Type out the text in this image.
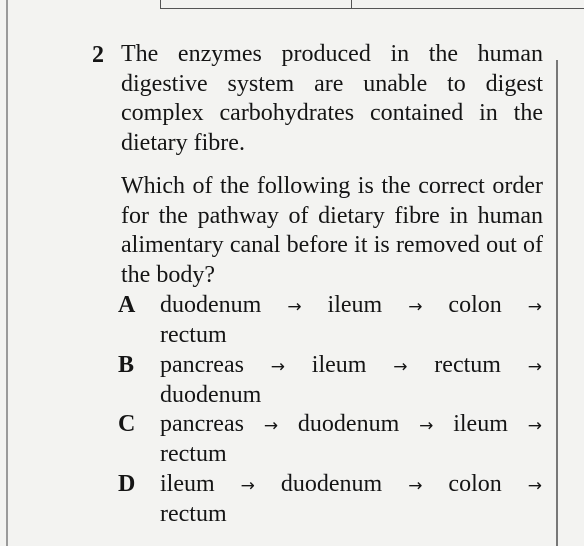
2 The enzymes produced in the human digestive system are unable to digest complex carbohydrates contained in the dietary fibre.
Which of the following is the correct order for the pathway of dietary fibre in human alimentary canal before it is removed out of the body?
A	duodenum → ileum → colon →
rectum
B	pancreas → ileum → rectum →
duodenum
C	pancreas → duodenum → ileum →
rectum
D	ileum → duodenum → colon →
rectum
